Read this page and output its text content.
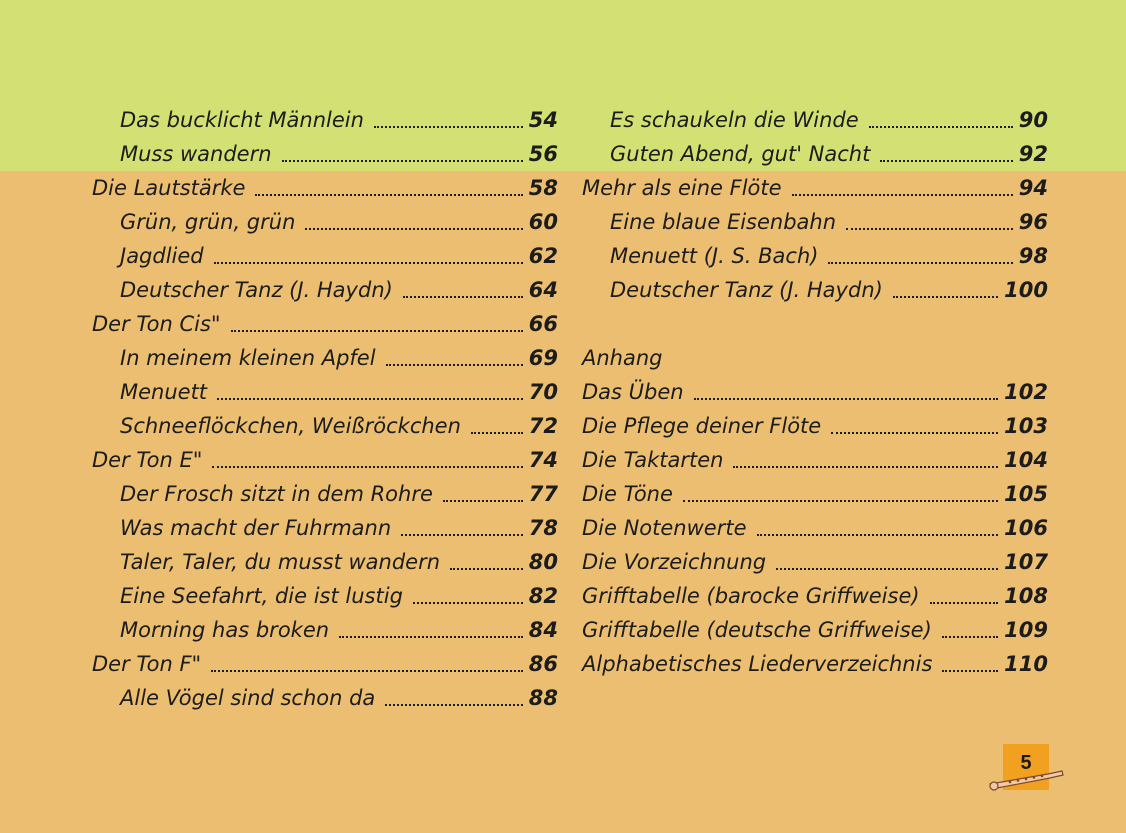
Das bucklicht Männlein	54
Muss wandern	56
Die Lautstärke	58
Grün, grün, grün	60
Jagdlied	62
Deutscher Tanz (J. Haydn)	64
Der Ton Cis"	66
In meinem kleinen Apfel	69
Menuett	70
Schneeflöckchen, Weißröckchen	72
Der Ton E"	74
Der Frosch sitzt in dem Rohre	77
Was macht der Fuhrmann	78
Taler, Taler, du musst wandern	80
Eine Seefahrt, die ist lustig	82
Morning has broken	84
Der Ton F"	86
Alle Vögel sind schon da	88
Es schaukeln die Winde	90
Guten Abend, gut' Nacht	92
Mehr als eine Flöte	94
Eine blaue Eisenbahn	96
Menuett (J. S. Bach)	98
Deutscher Tanz (J. Haydn)	100
Anhang
Das Üben	102
Die Pflege deiner Flöte	103
Die Taktarten	104
Die Töne	105
Die Notenwerte	106
Die Vorzeichnung	107
Grifftabelle (barocke Griffweise)	108
Grifftabelle (deutsche Griffweise)	109
Alphabetisches Liederverzeichnis	110
5
